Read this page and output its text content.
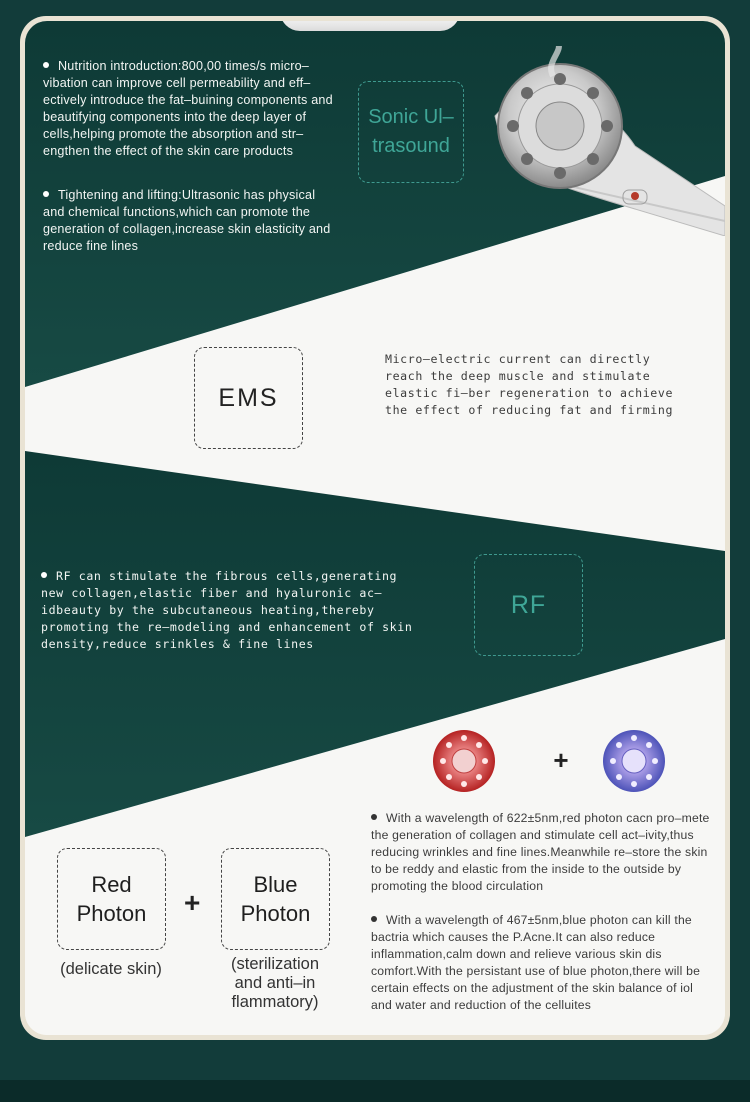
Nutrition introduction:800,00 times/s micro–vibation can improve cell permeability and eff–ectively introduce the fat–buining components and beautifying components into the deep layer of cells,helping promote the absorption and str–engthen the effect of the skin care products
Tightening and lifting:Ultrasonic has physical and chemical functions,which can promote the generation of collagen,increase skin elasticity and reduce fine lines
Sonic Ul–
trasound
EMS
Micro–electric current can directly reach the deep muscle and stimulate elastic fi–ber regeneration to achieve the effect of reducing fat and firming
RF can stimulate the fibrous cells,generating new collagen,elastic fiber and hyaluronic ac–idbeauty by the subcutaneous heating,thereby promoting the re–modeling and enhancement of skin density,reduce srinkles & fine lines
RF
+
Red
Photon +
Blue
Photon
(delicate skin)	(sterilization
and anti–in
flammatory)
With a wavelength of 622±5nm,red photon cacn pro–mete the generation of collagen and stimulate cell act–ivity,thus reducing wrinkles and fine lines.Meanwhile re–store the skin to be reddy and elastic from the inside to the outside by promoting the blood circulation
With a wavelength of 467±5nm,blue photon can kill the bactria which causes the P.Acne.It can also reduce inflammation,calm down and relieve various skin dis comfort.With the persistant use of blue photon,there will be certain effects on the adjustment of the skin balance of iol and water and reduction of the celluites
